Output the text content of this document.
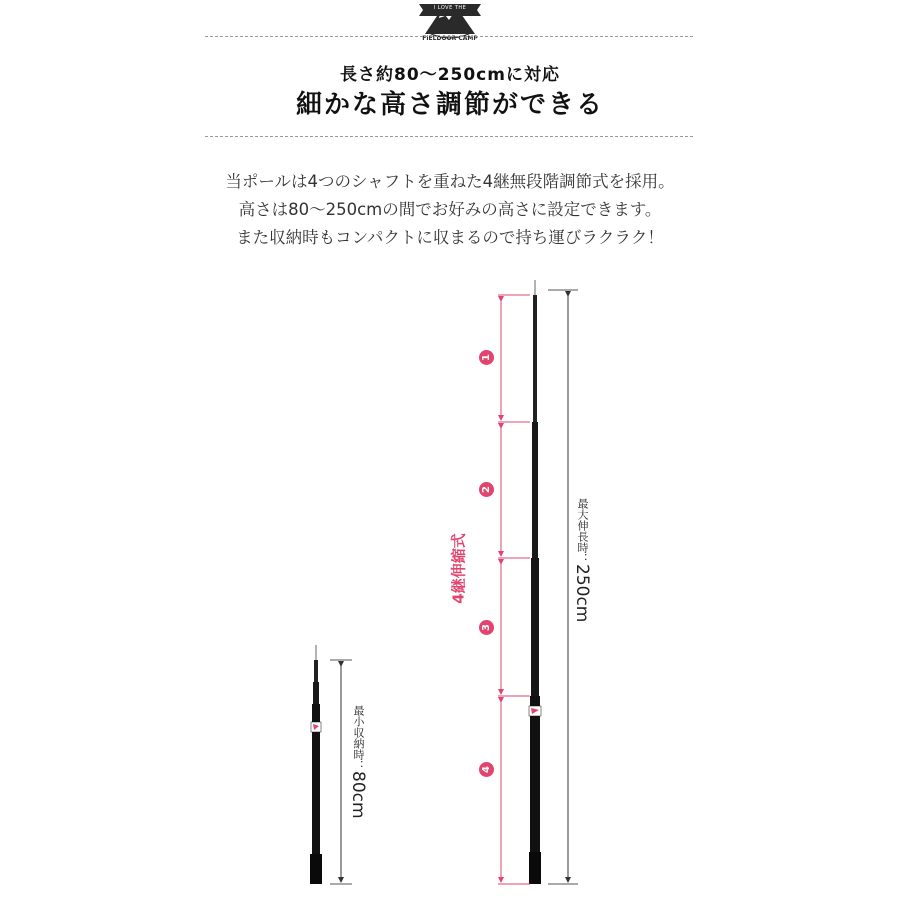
I LOVE THE
FIELDOOR CAMP
長さ約80～250cmに対応
細かな高さ調節ができる
当ポールは4つのシャフトを重ねた4継無段階調節式を採用。
高さは80～250cmの間でお好みの高さに設定できます。
また収納時もコンパクトに収まるので持ち運びラクラク！
最小収納時：80cm
最大伸長時：250cm
1
2
3
4
4継伸縮式
